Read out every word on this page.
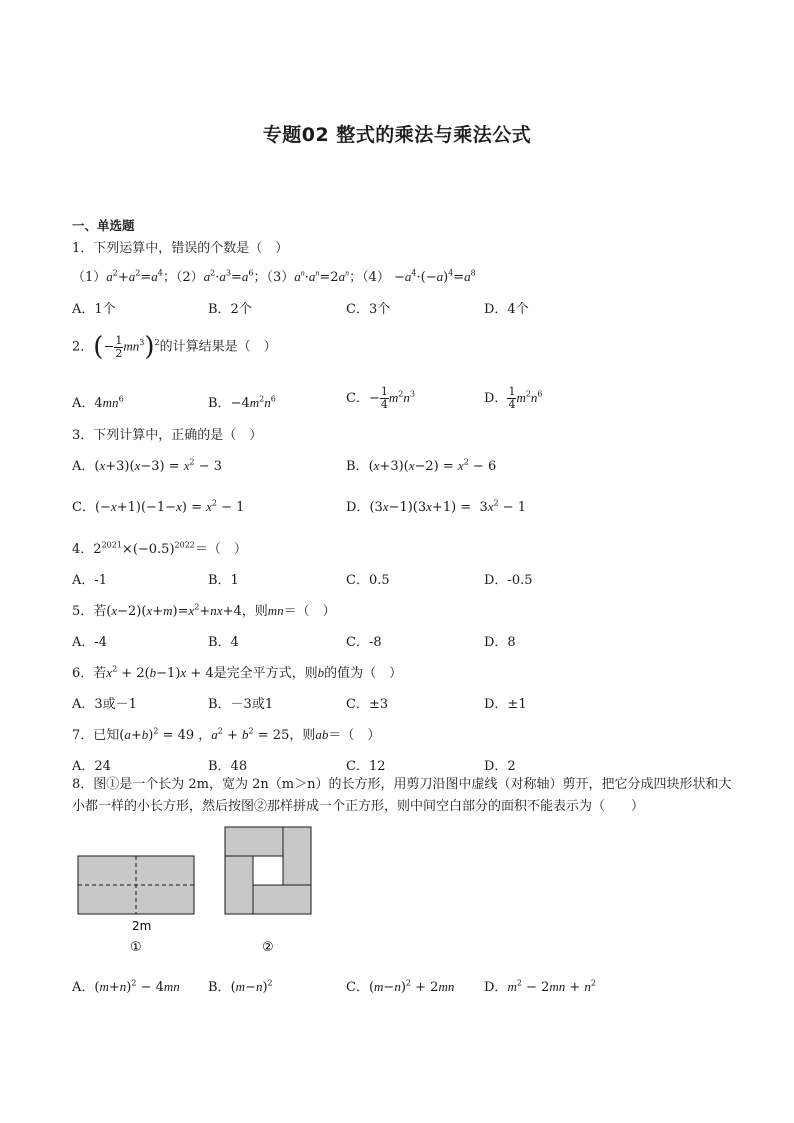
专题02 整式的乘法与乘法公式
一、单选题
1．下列运算中，错误的个数是（　）
$(1)a^2+a^2=a^4$；$(2)a^2\cdot a^3=a^6$；$(3)a^n\cdot a^n=2a^n$；$(4) -a^4\cdot(-a)^4=a^8$
A．1个	B．2个	C．3个	D．4个
2．(− $\frac{1}{2} mn^3)^2$的计算结果是（　）
A．$4mn^6$	B．$-4m^2n^6$	C．− $\frac{1}{4} m^2n^3$	D． $\frac{1}{4} m^2n^6$
3．下列计算中，正确的是（　）
A．$(x+3)(x-3) = x^2 - 3$	B．$(x+3)(x-2) = x^2 - 6$
C．$(-x+1)(-1-x) = x^2 - 1$	D．$(3x-1)(3x+1) = 3x^2 - 1$
4．$2^{2021}\times(-0.5)^{2022}=$（　）
A．-1	B．1	C．0.5	D．-0.5
5．若$(x-2)(x+m)=x^2+nx+4$，则mn＝（　）
A．-4	B．4	C．-8	D．8
6．若$x^2 + 2(b-1)x + 4$是完全平方式，则b的值为（　）
A．3或－1	B．－3或1	C．±3	D．±1
7．已知$(a+b)^2 = 49$ ，$a^2 + b^2 = 25$，则ab＝（　）
A．24	B．48	C．12	D．2
8．图①是一个长为 2m，宽为 2n（m＞n）的长方形，用剪刀沿图中虚线（对称轴）剪开，把它分成四块形状和大小都一样的小长方形，然后按图②那样拼成一个正方形，则中间空白部分的面积不能表示为（　　）
2m
①	②
A．$(m+n)^2 - 4mn$ B．$(m-n)^2$	C．$(m-n)^2 + 2mn$ D．$m^2 - 2mn + n^2$
